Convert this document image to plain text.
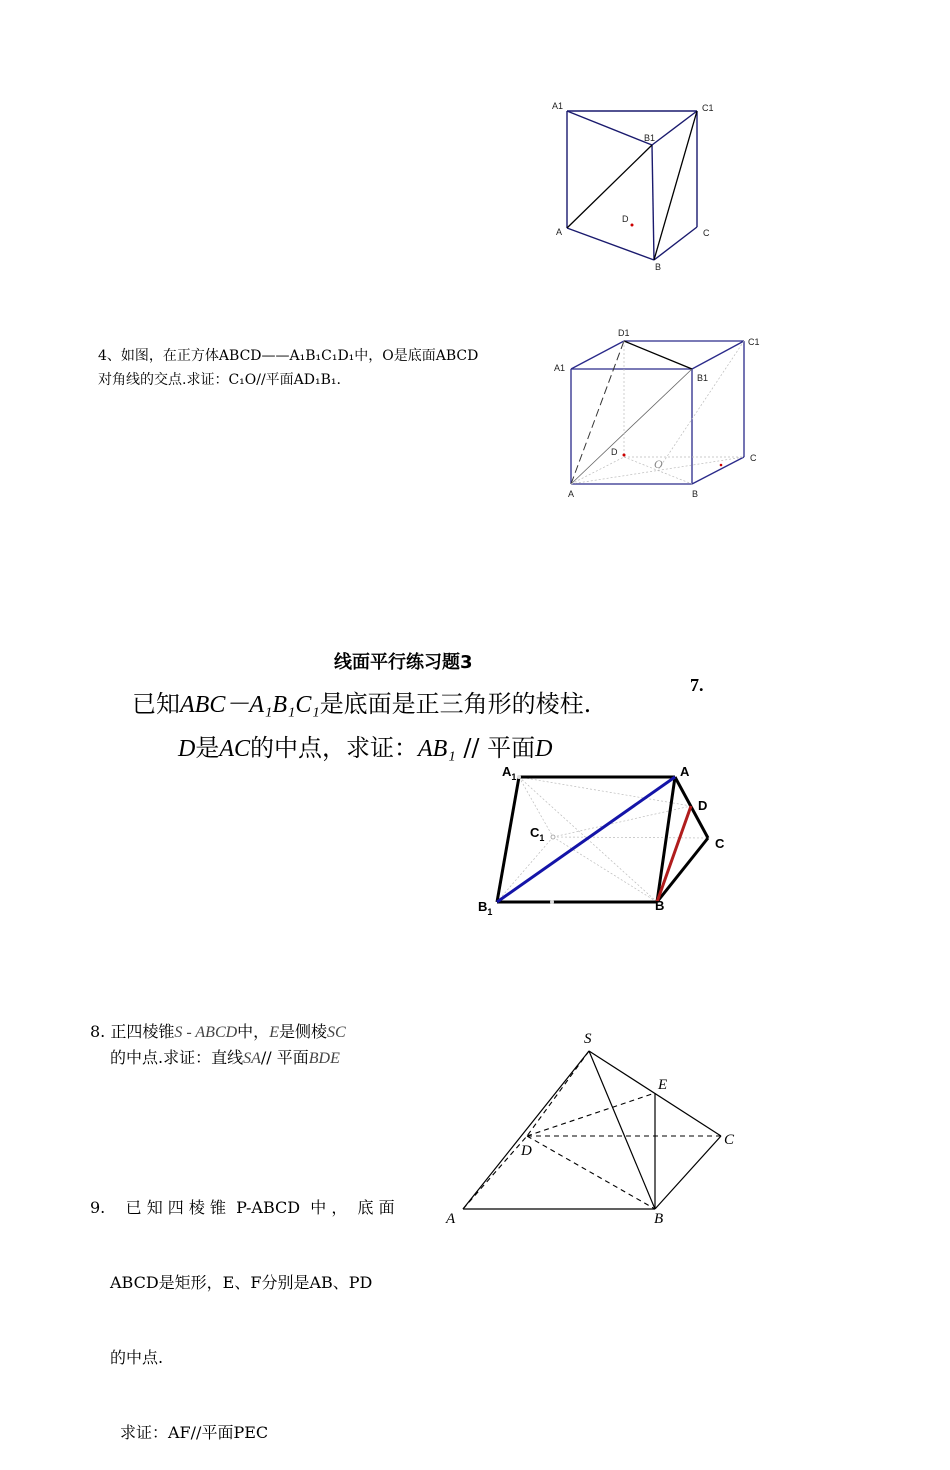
A1	C1
B1
D
A	C
B
4、如图，在正方体ABCD——A₁B₁C₁D₁中，O是底面ABCD
对角线的交点.求证：C₁O//平面AD₁B₁.
D1
C1
A1
B1
D
O	C
A	B
线面平行练习题3
已知ABC－A₁B₁C₁是底面是正三角形的棱柱.
7.
D是AC的中点，求证：AB₁ // 平面D
$A_1$	A
D
$C_1$	C
$B_1$	B
8. 正四棱锥S - ABCD中，E是侧棱SC
的中点.求证：直线SA// 平面BDE
S
E
C
D
A	B

9.    已 知 四 棱 锥  P-ABCD  中 ，  底 面

ABCD是矩形，E、F分别是AB、PD

的中点.

求证：AF//平面PEC
